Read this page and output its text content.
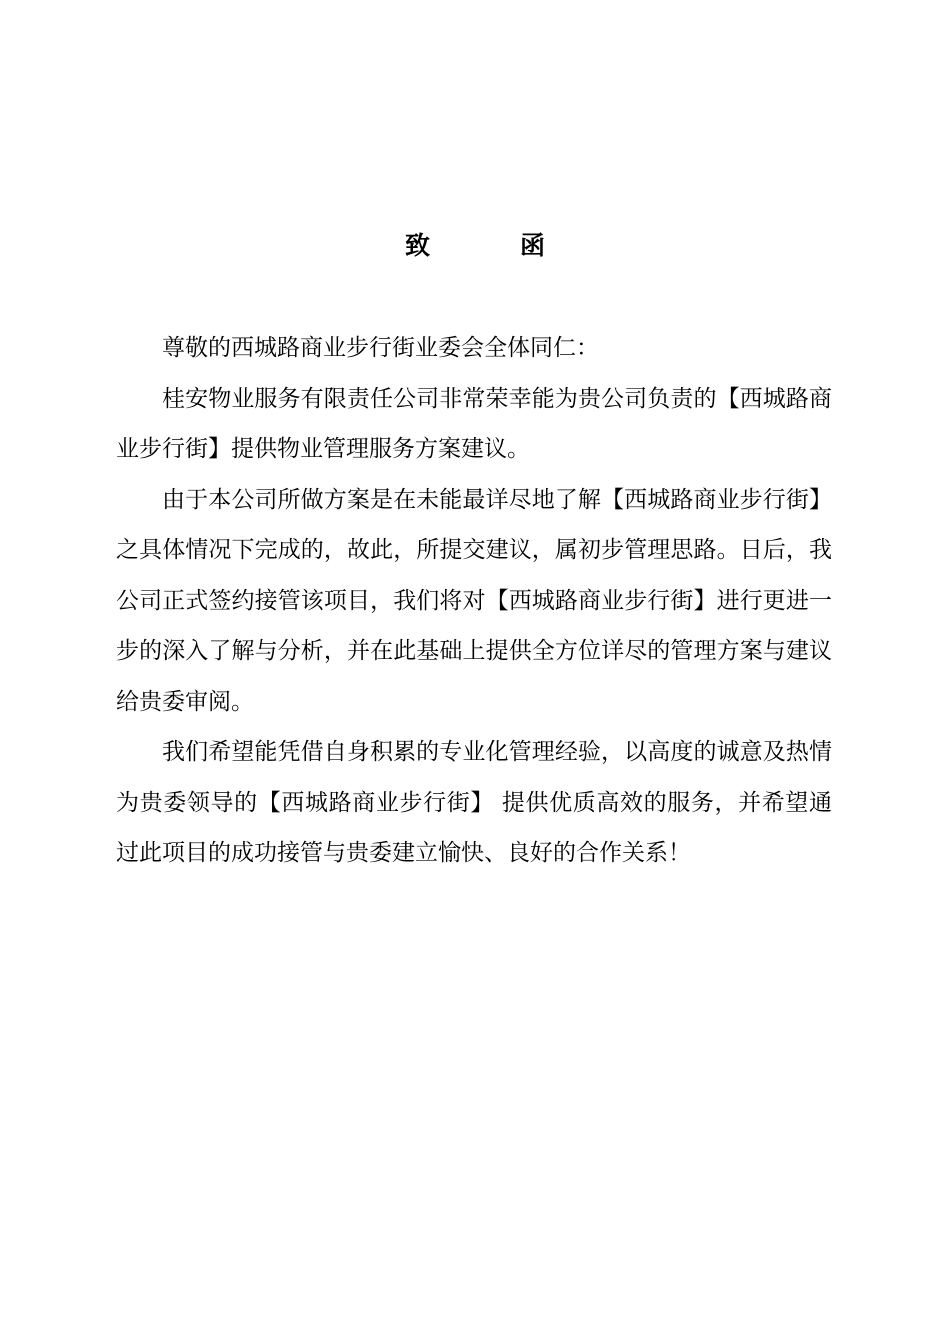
致	函

尊敬的西城路商业步行街业委会全体同仁：

桂安物业服务有限责任公司非常荣幸能为贵公司负责的【西城路商业步行街】提供物业管理服务方案建议。

由于本公司所做方案是在未能最详尽地了解【西城路商业步行街】 之具体情况下完成的，故此，所提交建议，属初步管理思路。日后，我公司正式签约接管该项目，我们将对【西城路商业步行街】进行更进一步的深入了解与分析，并在此基础上提供全方位详尽的管理方案与建议给贵委审阅。

我们希望能凭借自身积累的专业化管理经验，以高度的诚意及热情为贵委领导的【西城路商业步行街】 提供优质高效的服务，并希望通过此项目的成功接管与贵委建立愉快、良好的合作关系！
